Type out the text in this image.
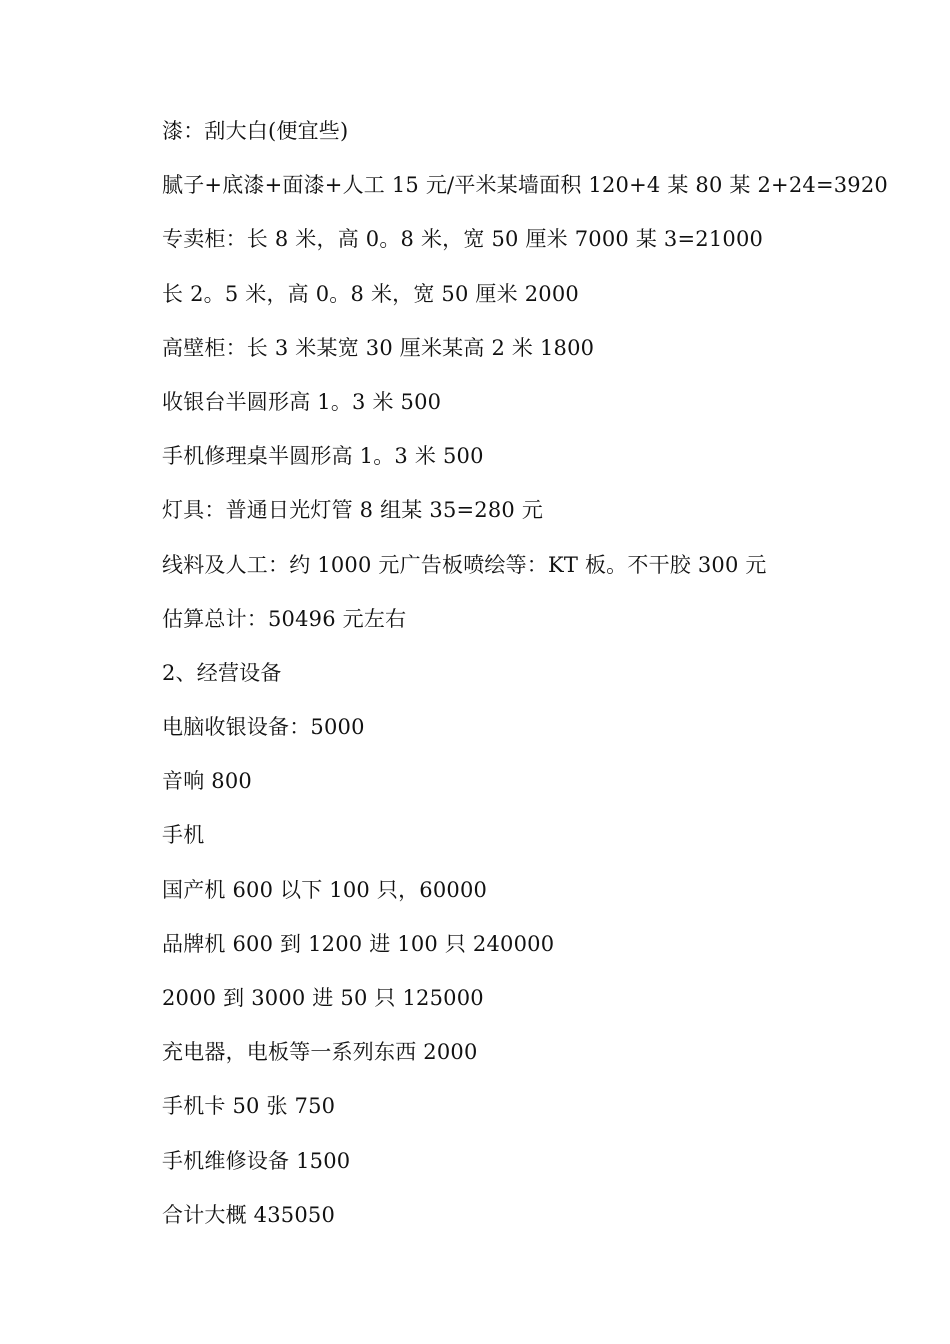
漆：刮大白(便宜些)
腻子+底漆+面漆+人工 15 元/平米某墙面积 120+4 某 80 某 2+24=3920
专卖柜：长 8 米，高 0。8 米，宽 50 厘米 7000 某 3=21000
长 2。5 米，高 0。8 米，宽 50 厘米 2000
高壁柜：长 3 米某宽 30 厘米某高 2 米 1800
收银台半圆形高 1。3 米 500
手机修理桌半圆形高 1。3 米 500
灯具：普通日光灯管 8 组某 35=280 元
线料及人工：约 1000 元广告板喷绘等：KT 板。不干胶 300 元
估算总计：50496 元左右
2、经营设备
电脑收银设备：5000
音响 800
手机
国产机 600 以下 100 只，60000
品牌机 600 到 1200 进 100 只 240000
2000 到 3000 进 50 只 125000
充电器，电板等一系列东西 2000
手机卡 50 张 750
手机维修设备 1500
合计大概 435050
